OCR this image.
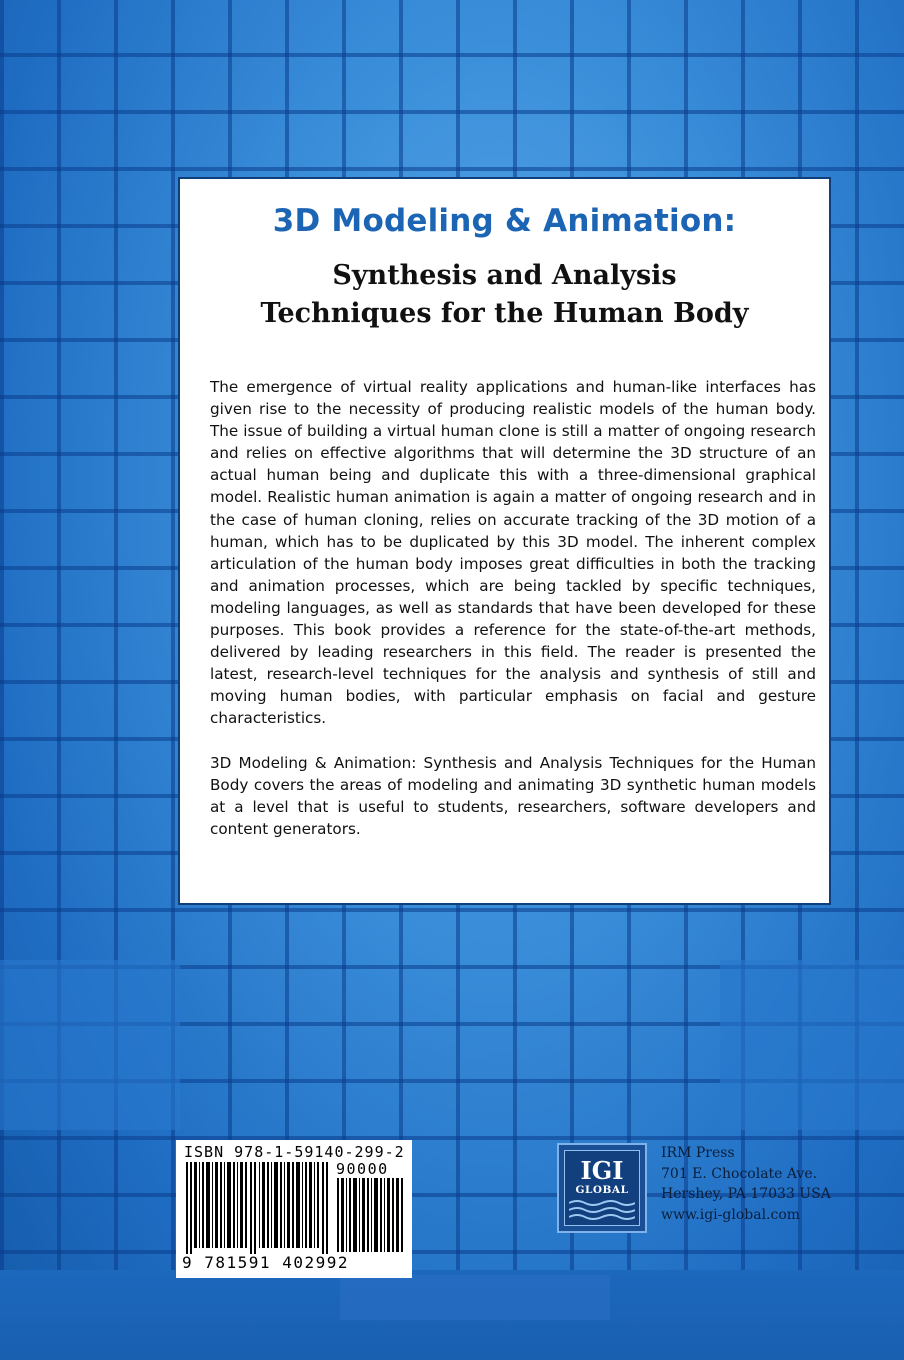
3D Modeling & Animation:
Synthesis and Analysis
Techniques for the Human Body

The emergence of virtual reality applications and human-like interfaces has given rise to the necessity of producing realistic models of the human body. The issue of building a virtual human clone is still a matter of ongoing research and relies on effective algorithms that will determine the 3D structure of an actual human being and duplicate this with a three-dimensional graphical model. Realistic human animation is again a matter of ongoing research and in the case of human cloning, relies on accurate tracking of the 3D motion of a human, which has to be duplicated by this 3D model. The inherent complex articulation of the human body imposes great difficulties in both the tracking and animation processes, which are being tackled by specific techniques, modeling languages, as well as standards that have been developed for these purposes. This book provides a reference for the state-of-the-art methods, delivered by leading researchers in this field. The reader is presented the latest, research-level techniques for the analysis and synthesis of still and moving human bodies, with particular emphasis on facial and gesture characteristics.

3D Modeling & Animation: Synthesis and Analysis Techniques for the Human Body covers the areas of modeling and animating 3D synthetic human models at a level that is useful to students, researchers, software developers and content generators.

ISBN 978-1-59140-299-2
90000
9 781591 402992
IGI
GLOBAL
IRM Press
701 E. Chocolate Ave.
Hershey, PA 17033 USA
www.igi-global.com
